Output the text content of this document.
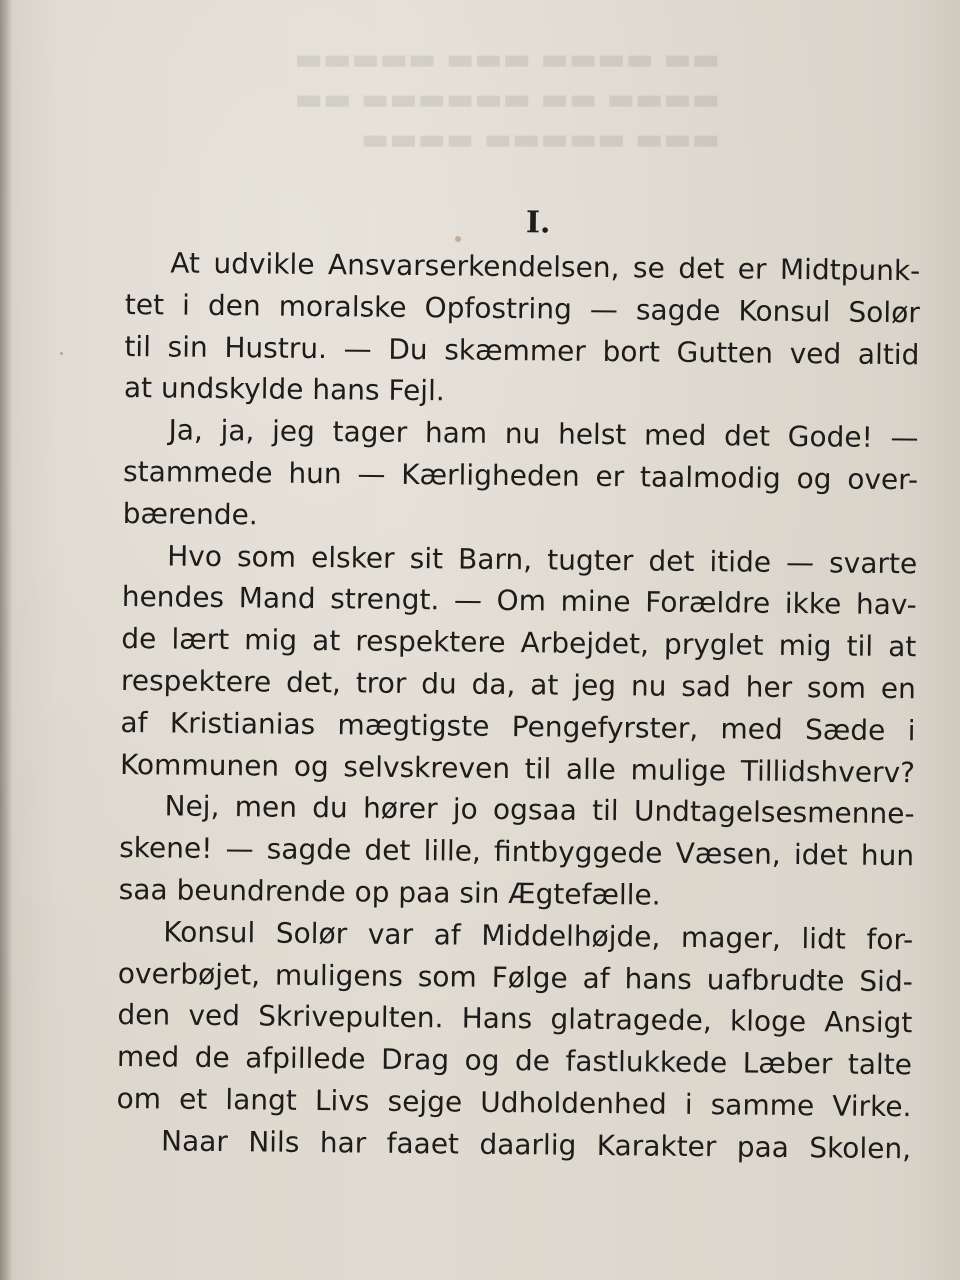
▬▬ ▬▬▬▬ ▬▬▬ ▬▬▬▬▬
▬▬▬▬ ▬▬ ▬▬▬▬▬▬ ▬▬
▬▬▬ ▬▬▬▬▬ ▬▬▬▬
I.
At udvikle Ansvarserkendelsen, se det er Midtpunk-
tet i den moralske Opfostring — sagde Konsul Solør
til sin Hustru. — Du skæmmer bort Gutten ved altid
at undskylde hans Fejl.
Ja, ja, jeg tager ham nu helst med det Gode! —
stammede hun — Kærligheden er taalmodig og over-
bærende.
Hvo som elsker sit Barn, tugter det itide — svarte
hendes Mand strengt. — Om mine Forældre ikke hav-
de lært mig at respektere Arbejdet, pryglet mig til at
respektere det, tror du da, at jeg nu sad her som en
af Kristianias mægtigste Pengefyrster, med Sæde i
Kommunen og selvskreven til alle mulige Tillidshverv?
Nej, men du hører jo ogsaa til Undtagelsesmenne-
skene! — sagde det lille, fintbyggede Væsen, idet hun
saa beundrende op paa sin Ægtefælle.
Konsul Solør var af Middelhøjde, mager, lidt for-
overbøjet, muligens som Følge af hans uafbrudte Sid-
den ved Skrivepulten. Hans glatragede, kloge Ansigt
med de afpillede Drag og de fastlukkede Læber talte
om et langt Livs sejge Udholdenhed i samme Virke.
Naar Nils har faaet daarlig Karakter paa Skolen,
